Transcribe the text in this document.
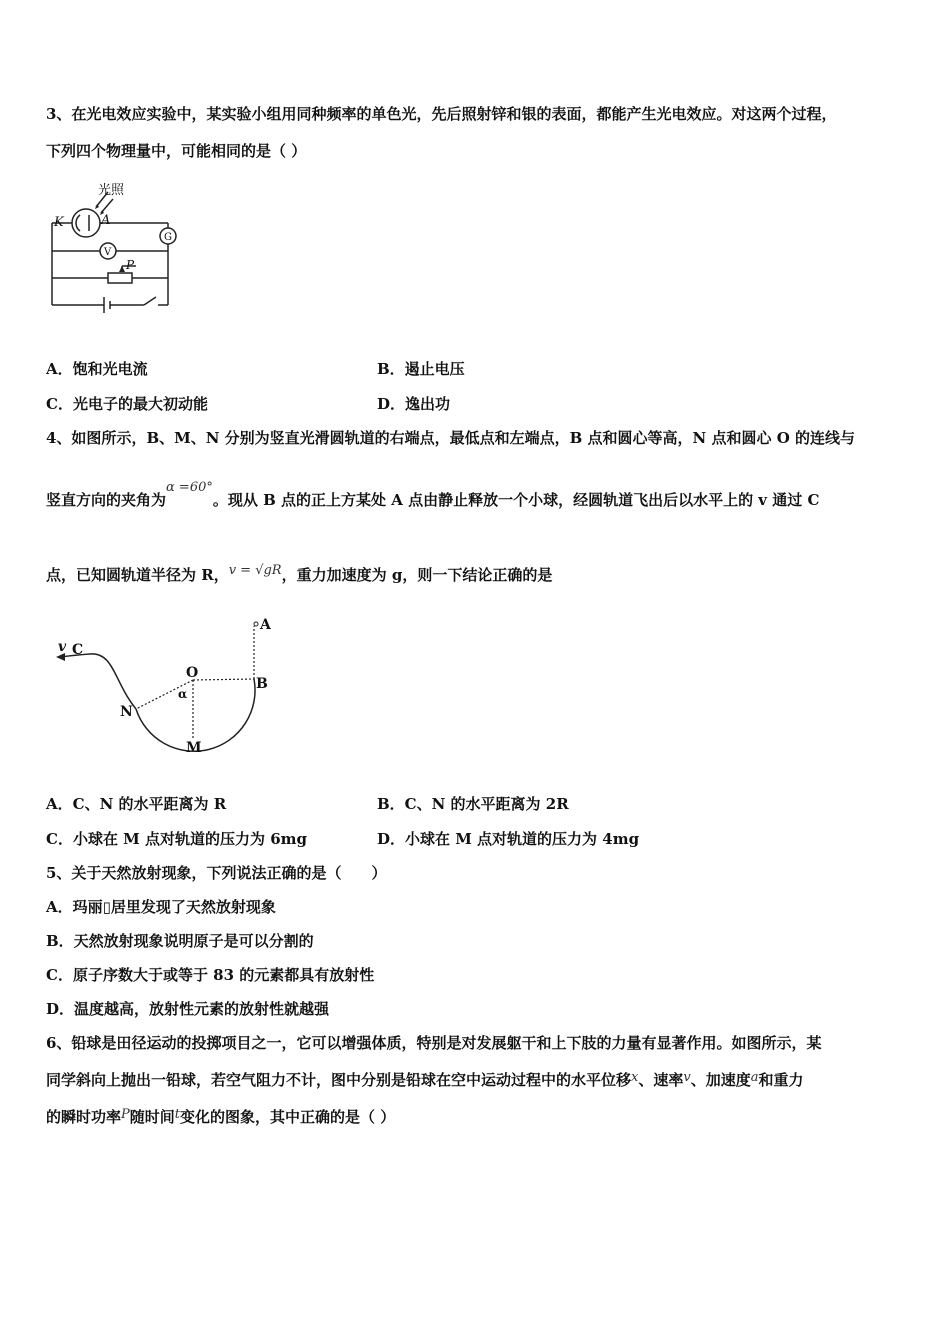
3、在光电效应实验中，某实验小组用同种频率的单色光，先后照射锌和银的表面，都能产生光电效应。对这两个过程，
下列四个物理量中，可能相同的是（ ）
光照
K	A
G
V
P
A．饱和光电流	B．遏止电压
C．光电子的最大初动能	D．逸出功
4、如图所示，B、M、N 分别为竖直光滑圆轨道的右端点，最低点和左端点，B 点和圆心等高，N 点和圆心 O 的连线与
竖直方向的夹角为α =60°。现从 B 点的正上方某处 A 点由静止释放一个小球，经圆轨道飞出后以水平上的 v 通过 C
点，已知圆轨道半径为 R，v = √gR，重力加速度为 g，则一下结论正确的是
v C
O
α
B
A
N
M
A．C、N 的水平距离为 R	B．C、N 的水平距离为 2R
C．小球在 M 点对轨道的压力为 6mg	D．小球在 M 点对轨道的压力为 4mg
5、关于天然放射现象，下列说法正确的是（　　）
A．玛丽▯居里发现了天然放射现象
B．天然放射现象说明原子是可以分割的
C．原子序数大于或等于 83 的元素都具有放射性
D．温度越高，放射性元素的放射性就越强
6、铅球是田径运动的投掷项目之一，它可以增强体质，特别是对发展躯干和上下肢的力量有显著作用。如图所示，某
同学斜向上抛出一铅球，若空气阻力不计，图中分别是铅球在空中运动过程中的水平位移x、速率v、加速度a和重力
的瞬时功率P随时间t变化的图象，其中正确的是（ ）
